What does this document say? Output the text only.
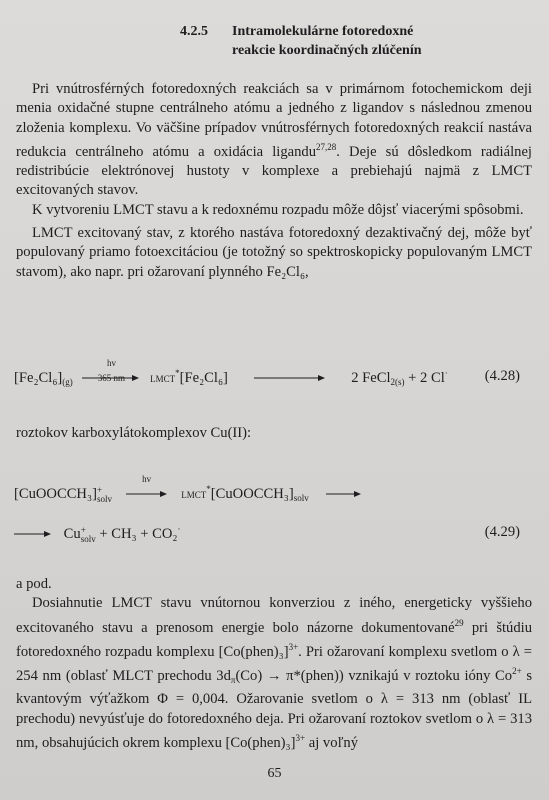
4.2.5 Intramolekulárne fotoredoxné
reakcie koordinačných zlúčenín

Pri vnútrosférných fotoredoxných reakciách sa v primárnom fotochemickom deji menia oxidačné stupne centrálneho atómu a jedného z ligandov s následnou zmenou zloženia komplexu. Vo väčšine prípadov vnútrosférnych fotoredoxných reakcií nastáva redukcia centrálneho atómu a oxidácia ligandu$^{27,28}$. Deje sú dôsledkom radiálnej redistribúcie elektrónovej hustoty v komplexe a prebiehajú najmä z LMCT excitovaných stavov.

K vytvoreniu LMCT stavu a k redoxnému rozpadu môže dôjsť viacerými spôsobmi.

LMCT excitovaný stav, z ktorého nastáva fotoredoxný dezaktivačný dej, môže byť populovaný priamo fotoexcitáciou (je totožný so spektroskopicky populovaným LMCT stavom), ako napr. pri ožarovaní plynného Fe₂Cl₆,

$[Fe_2Cl_6]_{(g)}$
hv
365 nm	LMCT*[Fe₂Cl₆]	2 FeCl$_{2(s)}$ + 2 Cl·	(4.28)

roztokov karboxylátokomplexov Cu(II):

[CuOOCCH₃] +
solv

hv
$LMCT^*[CuOOCCH_3]_{solv}$
Cu +
solv + CH₃ + CO₂·	(4.29)

a pod.

Dosiahnutie LMCT stavu vnútornou konverziou z iného, energeticky vyššieho excitovaného stavu a prenosom energie bolo názorne dokumentované$^{29}$ pri štúdiu fotoredoxného rozpadu komplexu [Co(phen)₃]$^{3+}$. Pri ožarovaní komplexu svetlom o λ = 254 nm (oblasť MLCT prechodu $3d_\pi(Co)$ → π*(phen)) vznikajú v roztoku ióny $Co^{2+}$ s kvantovým výťažkom Φ = 0,004. Ožarovanie svetlom o λ = 313 nm (oblasť IL prechodu) nevyúsťuje do fotoredoxného deja. Pri ožarovaní roztokov svetlom o λ = 313 nm, obsahujúcich okrem komplexu [Co(phen)₃]$^{3+}$ aj voľný

65
